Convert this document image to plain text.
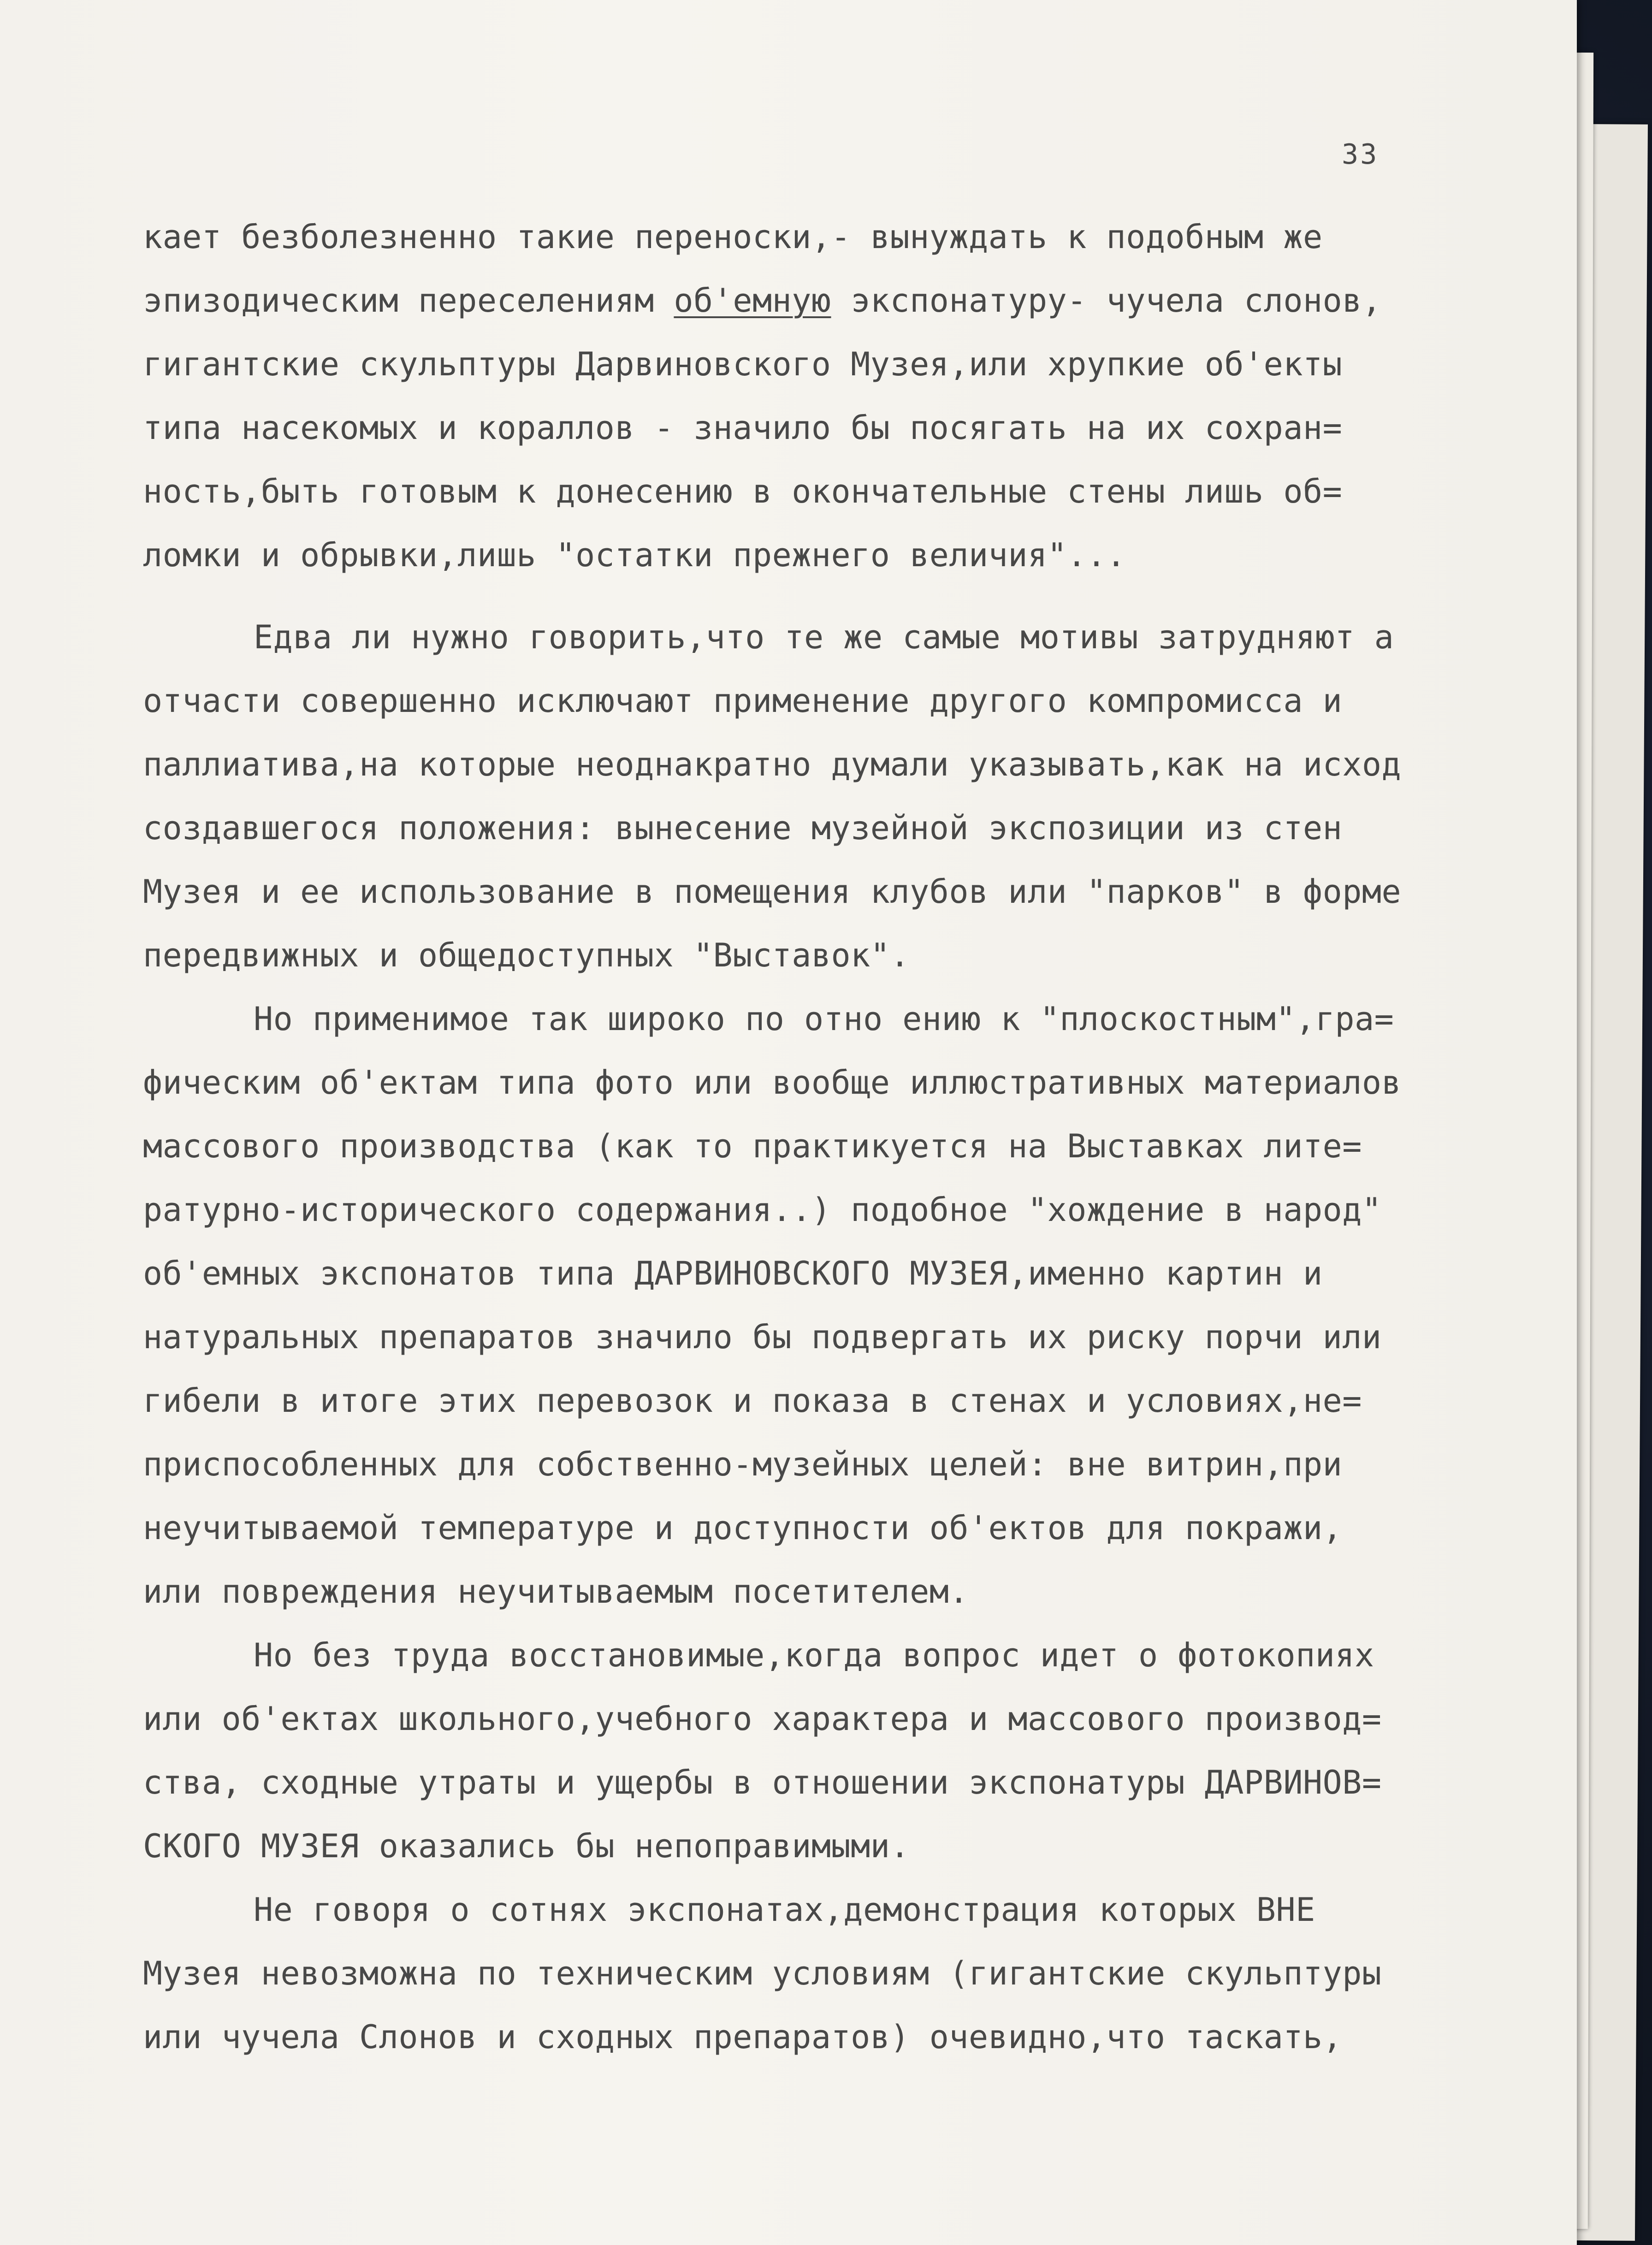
33
кает безболезненно такие переноски,- вынуждать к подобным же
эпизодическим переселениям об'емную экспонатуру- чучела слонов,
гигантские скульптуры Дарвиновского Музея,или хрупкие об'екты
типа насекомых и кораллов - значило бы посягать на их сохран=
ность,быть готовым к донесению в окончательные стены лишь об=
ломки и обрывки,лишь "остатки прежнего величия"...
Едва ли нужно говорить,что те же самые мотивы затрудняют а
отчасти совершенно исключают применение другого компромисса и
паллиатива,на которые неоднакратно думали указывать,как на исход
создавшегося положения: вынесение музейной экспозиции из стен
Музея и ее использование в помещения клубов или "парков" в форме
передвижных и общедоступных "Выставок".
Но применимое так широко по отно ению к "плоскостным",гра=
фическим об'ектам типа фото или вообще иллюстративных материалов
массового производства (как то практикуется на Выставках лите=
ратурно-исторического содержания..) подобное "хождение в народ"
об'емных экспонатов типа ДАРВИНОВСКОГО МУЗЕЯ,именно картин и
натуральных препаратов значило бы подвергать их риску порчи или
гибели в итоге этих перевозок и показа в стенах и условиях,не=
приспособленных для собственно-музейных целей: вне витрин,при
неучитываемой температуре и доступности об'ектов для покражи,
или повреждения неучитываемым посетителем.
Но без труда восстановимые,когда вопрос идет о фотокопиях
или об'ектах школьного,учебного характера и массового производ=
ства, сходные утраты и ущербы в отношении экспонатуры ДАРВИНОВ=
СКОГО МУЗЕЯ оказались бы непоправимыми.
Не говоря о сотнях экспонатах,демонстрация которых ВНЕ
Музея невозможна по техническим условиям (гигантские скульптуры
или чучела Слонов и сходных препаратов) очевидно,что таскать,
